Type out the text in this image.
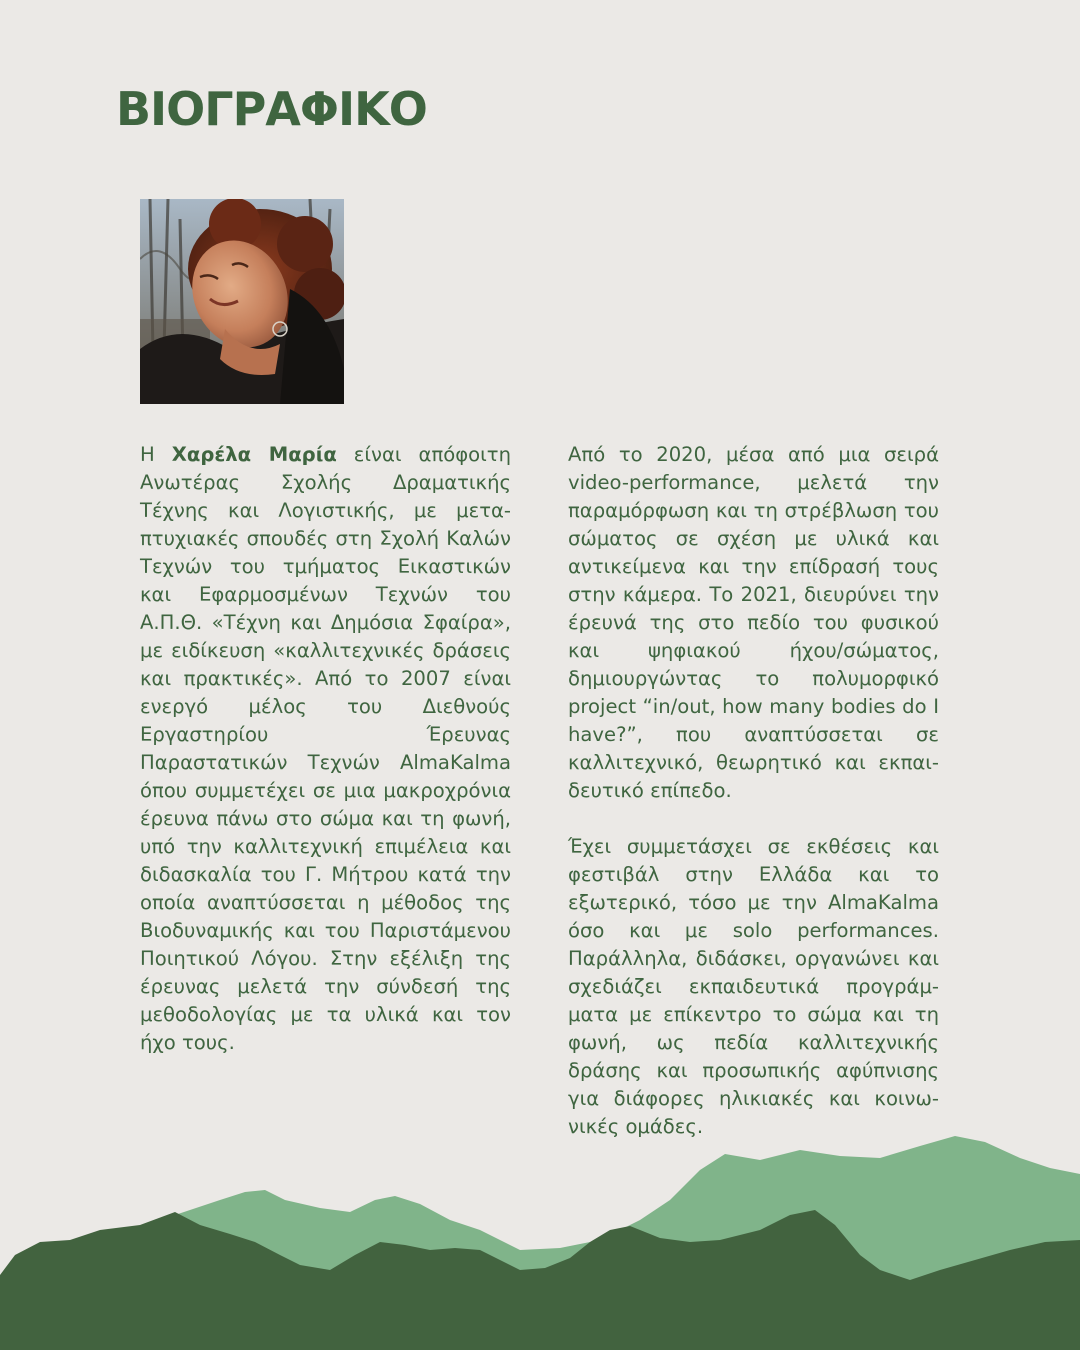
ΒΙΟΓΡΑΦΙΚΟ

Η Χαρέλα Μαρία είναι απόφοιτη Ανωτέρας Σχολής Δραματικής Τέχνης και Λογιστικής, με μεταπτυχιακές σπουδές στη Σχολή Καλών Τεχνών του τμήματος Εικαστικών και Εφαρμοσμένων Τεχνών του Α.Π.Θ. «Τέχνη και Δημόσια Σφαίρα», με ειδίκευση «καλλιτεχνικές δράσεις και πρακτικές». Από το 2007 είναι ενεργό μέλος του Διεθνούς Εργαστηρίου Έρευνας Παραστατικών Τεχνών AlmaKalma όπου συμμετέχει σε μια μακροχρόνια έρευνα πάνω στο σώμα και τη φωνή, υπό την καλλιτεχνική επιμέλεια και διδασκαλία του Γ. Μήτρου κατά την οποία αναπτύσσεται η μέθοδος της Βιοδυναμικής και του Παριστάμενου Ποιητικού Λόγου. Στην εξέλιξη της έρευνας μελετά την σύνδεσή της μεθοδολογίας με τα υλικά και τον ήχο τους.

Από το 2020, μέσα από μια σειρά video-performance, μελετά την παραμόρφωση και τη στρέβλωση του σώματος σε σχέση με υλικά και αντικείμενα και την επίδρασή τους στην κάμερα. Το 2021, διευρύνει την έρευνά της στο πεδίο του φυσικού και ψηφιακού ήχου/σώματος, δημιουργώντας το πολυμορφικό project “in/out, how many bodies do I have?”, που αναπτύσσεται σε καλλιτεχνικό, θεωρητικό και εκπαιδευτικό επίπεδο.

Έχει συμμετάσχει σε εκθέσεις και φεστιβάλ στην Ελλάδα και το εξωτερικό, τόσο με την AlmaKalma όσο και με solo performances. Παράλληλα, διδάσκει, οργανώνει και σχεδιάζει εκπαιδευτικά προγράμματα με επίκεντρο το σώμα και τη φωνή, ως πεδία καλλιτεχνικής δράσης και προσωπικής αφύπνισης για διάφορες ηλικιακές και κοινωνικές ομάδες.
